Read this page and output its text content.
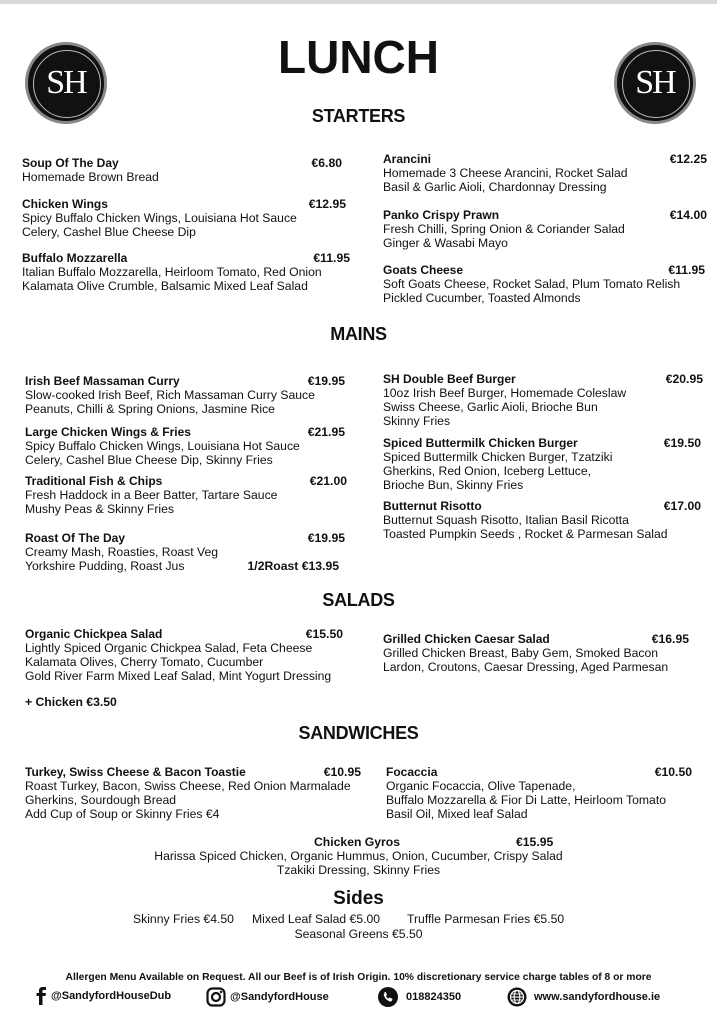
SH	SH
LUNCH
STARTERS
Soup Of The Day	€6.80
Homemade Brown Bread
Chicken Wings	€12.95
Spicy Buffalo Chicken Wings, Louisiana Hot Sauce
Celery, Cashel Blue Cheese Dip
Buffalo Mozzarella	€11.95
Italian Buffalo Mozzarella, Heirloom Tomato, Red Onion
Kalamata Olive Crumble, Balsamic Mixed Leaf Salad
Arancini	€12.25
Homemade 3 Cheese Arancini, Rocket Salad
Basil & Garlic Aioli, Chardonnay Dressing
Panko Crispy Prawn	€14.00
Fresh Chilli, Spring Onion & Coriander Salad
Ginger & Wasabi Mayo
Goats Cheese	€11.95
Soft Goats Cheese, Rocket Salad, Plum Tomato Relish
Pickled Cucumber, Toasted Almonds
MAINS
Irish Beef Massaman Curry	€19.95
Slow-cooked Irish Beef, Rich Massaman Curry Sauce
Peanuts, Chilli & Spring Onions, Jasmine Rice
Large Chicken Wings & Fries	€21.95
Spicy Buffalo Chicken Wings, Louisiana Hot Sauce
Celery, Cashel Blue Cheese Dip, Skinny Fries
Traditional Fish & Chips	€21.00
Fresh Haddock in a Beer Batter, Tartare Sauce
Mushy Peas & Skinny Fries
Roast Of The Day	€19.95
Creamy Mash, Roasties, Roast Veg
Yorkshire Pudding, Roast Jus	1/2Roast €13.95
SH Double Beef Burger	€20.95
10oz Irish Beef Burger, Homemade Coleslaw
Swiss Cheese, Garlic Aioli, Brioche Bun
Skinny Fries
Spiced Buttermilk Chicken Burger	€19.50
Spiced Buttermilk Chicken Burger, Tzatziki
Gherkins, Red Onion, Iceberg Lettuce,
Brioche Bun, Skinny Fries
Butternut Risotto	€17.00
Butternut Squash Risotto, Italian Basil Ricotta
Toasted Pumpkin Seeds , Rocket & Parmesan Salad
SALADS
Organic Chickpea Salad	€15.50
Lightly Spiced Organic Chickpea Salad, Feta Cheese
Kalamata Olives, Cherry Tomato, Cucumber
Gold River Farm Mixed Leaf Salad, Mint Yogurt Dressing
Grilled Chicken Caesar Salad	€16.95
Grilled Chicken Breast, Baby Gem, Smoked Bacon
Lardon, Croutons, Caesar Dressing, Aged Parmesan
+ Chicken €3.50
SANDWICHES
Turkey, Swiss Cheese & Bacon Toastie	€10.95
Roast Turkey, Bacon, Swiss Cheese, Red Onion Marmalade
Gherkins, Sourdough Bread
Add Cup of Soup or Skinny Fries €4
Focaccia	€10.50
Organic Focaccia, Olive Tapenade,
Buffalo Mozzarella & Fior Di Latte, Heirloom Tomato
Basil Oil, Mixed leaf Salad
Chicken Gyros	€15.95
Harissa Spiced Chicken, Organic Hummus, Onion, Cucumber, Crispy Salad
Tzakiki Dressing, Skinny Fries
Sides
Skinny Fries €4.50 Mixed Leaf Salad €5.00 Truffle Parmesan Fries €5.50
Seasonal Greens €5.50
Allergen Menu Available on Request. All our Beef is of Irish Origin. 10% discretionary service charge tables of 8 or more
@SandyfordHouseDub	@SandyfordHouse	018824350	www.sandyfordhouse.ie
